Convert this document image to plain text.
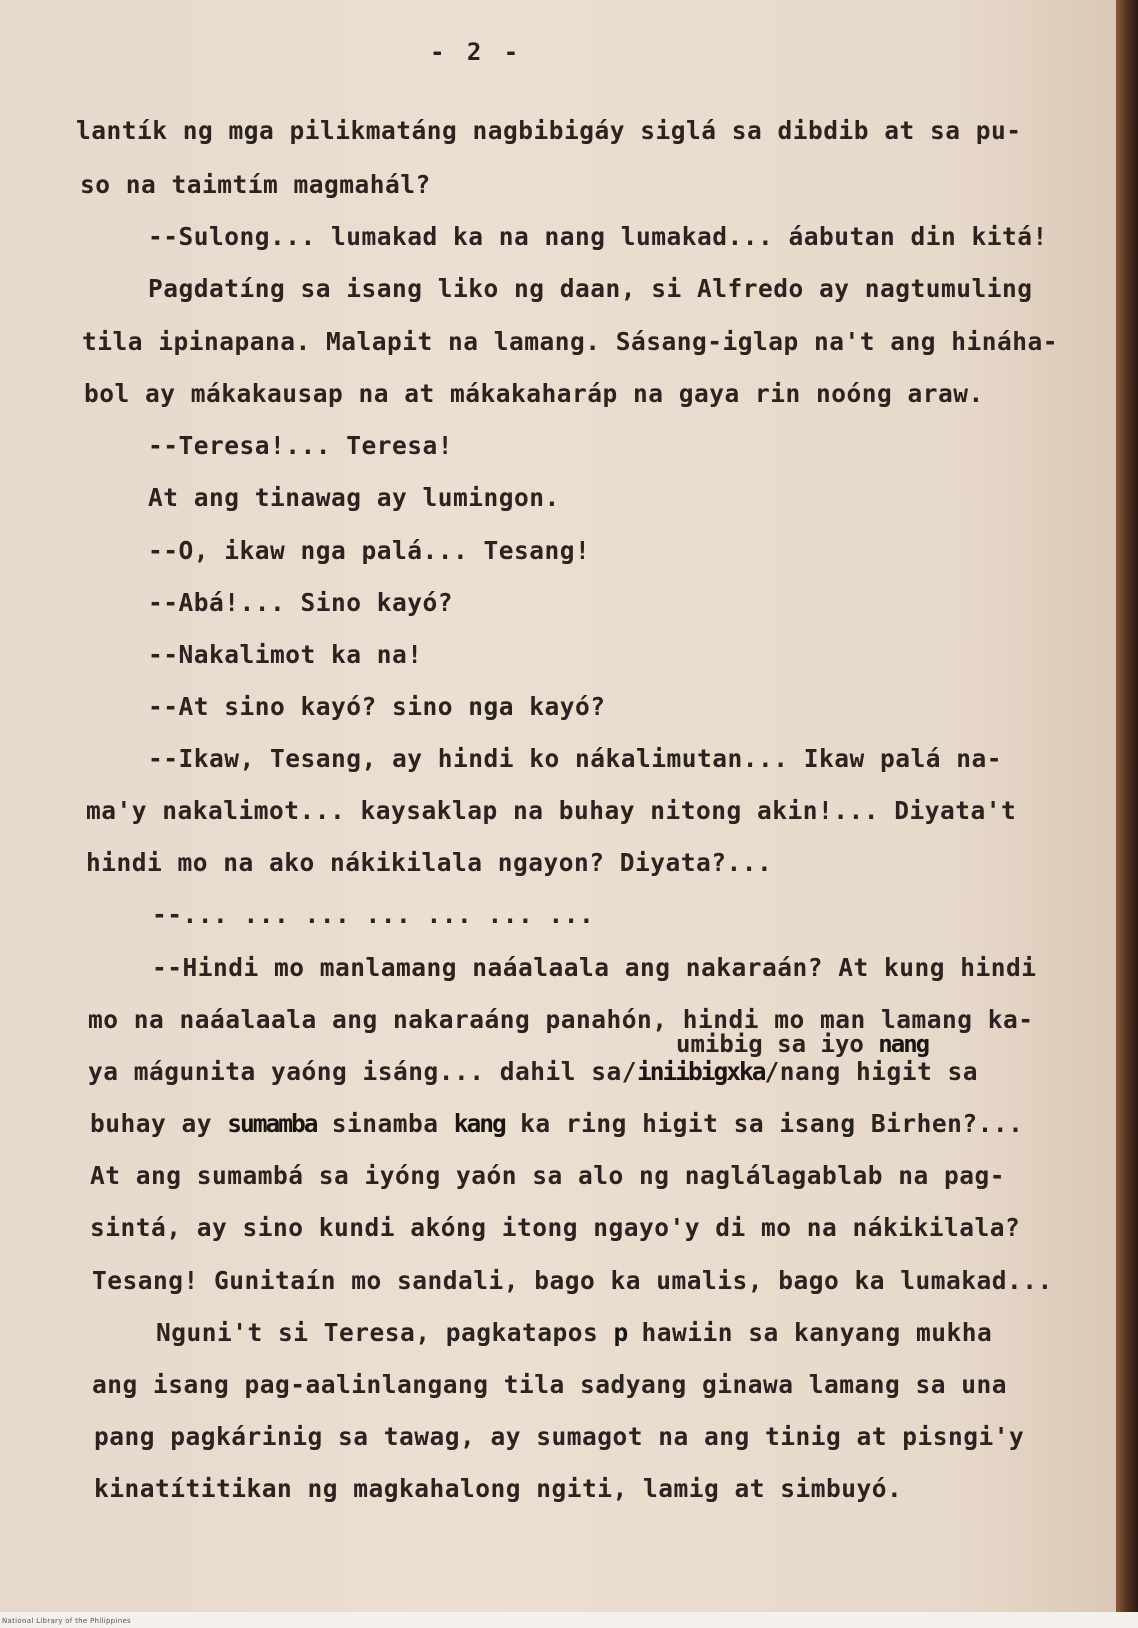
- 2 -
lantík ng mga pilikmatáng nagbibigáy siglá sa dibdib at sa pu-
so na taimtím magmahál?
--Sulong... lumakad ka na nang lumakad... áabutan din kitá!
Pagdatíng sa isang liko ng daan, si Alfredo ay nagtumuling
tila ipinapana. Malapit na lamang. Sásang-iglap na't ang hináha-
bol ay mákakausap na at mákakaharáp na gaya rin noóng araw.
--Teresa!... Teresa!
At ang tinawag ay lumingon.
--O, ikaw nga palá... Tesang!
--Abá!... Sino kayó?
--Nakalimot ka na!
--At sino kayó? sino nga kayó?
--Ikaw, Tesang, ay hindi ko nákalimutan... Ikaw palá na-
ma'y nakalimot... kaysaklap na buhay nitong akin!... Diyata't
hindi mo na ako nákikilala ngayon? Diyata?...
--... ... ... ... ... ... ...
--Hindi mo manlamang naáalaala ang nakaraán? At kung hindi
mo na naáalaala ang nakaraáng panahón, hindi mo man lamang ka-
umibig sa iyo nang
ya mágunita yaóng isáng... dahil sa/iniibigxka/nang higit sa
buhay ay sumamba sinamba kang ka ring higit sa isang Birhen?...
At ang sumambá sa iyóng yaón sa alo ng naglálagablab na pag-
sintá, ay sino kundi akóng itong ngayo'y di mo na nákikilala?
Tesang! Gunitaín mo sandali, bago ka umalis, bago ka lumakad...
Nguni't si Teresa, pagkatapos p hawiin sa kanyang mukha
ang isang pag-aalinlangang tila sadyang ginawa lamang sa una
pang pagkárinig sa tawag, ay sumagot na ang tinig at pisngi'y
kinatítitikan ng magkahalong ngiti, lamig at simbuyó.
National Library of the Philippines
